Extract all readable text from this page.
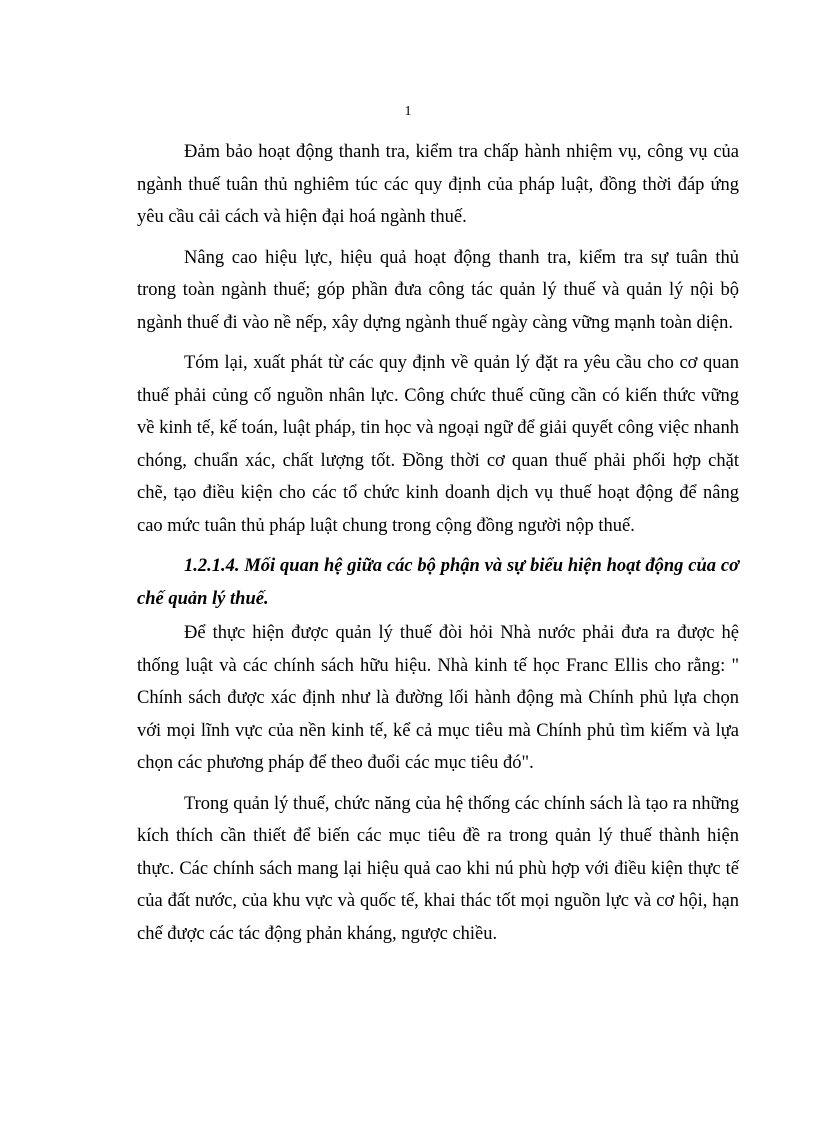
1

Đảm bảo hoạt động thanh tra, kiểm tra chấp hành nhiệm vụ, công vụ của ngành thuế tuân thủ nghiêm túc các quy định của pháp luật, đồng thời đáp ứng yêu cầu cải cách và hiện đại hoá ngành thuế.

Nâng cao hiệu lực, hiệu quả hoạt động thanh tra, kiểm tra sự tuân thủ trong toàn ngành thuế; góp phần đưa công tác quản lý thuế và quản lý nội bộ ngành thuế đi vào nề nếp, xây dựng ngành thuế ngày càng vững mạnh toàn diện.

Tóm lại, xuất phát từ các quy định về quản lý đặt ra yêu cầu cho cơ quan thuế phải củng cố nguồn nhân lực. Công chức thuế cũng cần có kiến thức vững về kinh tế, kế toán, luật pháp, tin học và ngoại ngữ để giải quyết công việc nhanh chóng, chuẩn xác, chất lượng tốt. Đồng thời cơ quan thuế phải phối hợp chặt chẽ, tạo điều kiện cho các tổ chức kinh doanh dịch vụ thuế hoạt động để nâng cao mức tuân thủ pháp luật chung trong cộng đồng người nộp thuế.

1.2.1.4. Mối quan hệ giữa các bộ phận và sự biểu hiện hoạt động của cơ chế quản lý thuế.

Để thực hiện được quản lý thuế đòi hỏi Nhà nước phải đưa ra được hệ thống luật và các chính sách hữu hiệu. Nhà kinh tế học Franc Ellis cho rằng: " Chính sách được xác định như là đường lối hành động mà Chính phủ lựa chọn với mọi lĩnh vực của nền kinh tế, kể cả mục tiêu mà Chính phủ tìm kiếm và lựa chọn các phương pháp để theo đuổi các mục tiêu đó".

Trong quản lý thuế, chức năng của hệ thống các chính sách là tạo ra những kích thích cần thiết để biến các mục tiêu đề ra trong quản lý thuế thành hiện thực. Các chính sách mang lại hiệu quả cao khi nú phù hợp với điều kiện thực tế của đất nước, của khu vực và quốc tế, khai thác tốt mọi nguồn lực và cơ hội, hạn chế được các tác động phản kháng, ngược chiều.
